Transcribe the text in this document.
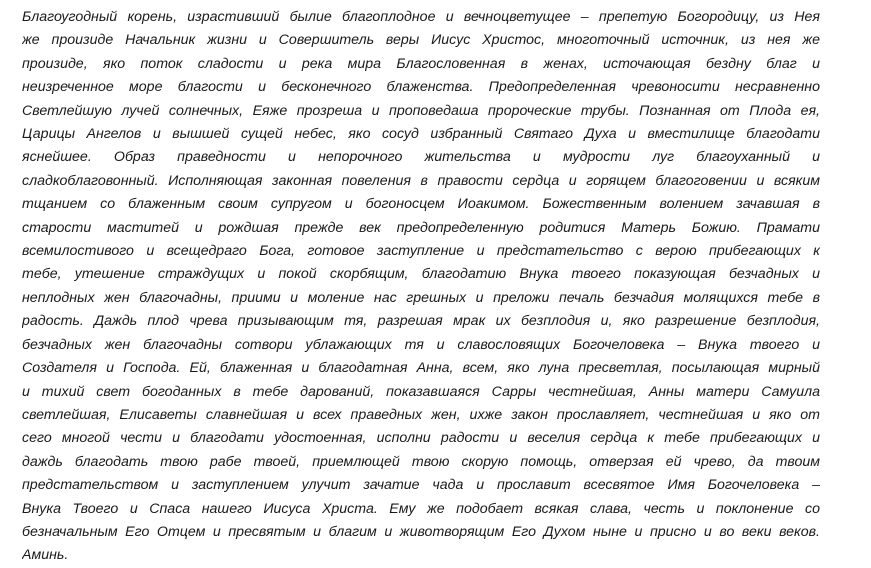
Благоугодный корень, израстивший былие благоплодное и вечноцветущее – препетую Богородицу, из Нея
же произиде Начальник жизни и Совершитель веры Иисус Христос, многоточный источник, из нея же
произиде, яко поток сладости и река мира Благословенная в женах, источающая бездну благ и
неизреченное море благости и бесконечного блаженства. Предопределенная чревоносити несравненно
Светлейшую лучей солнечных, Еяже прозреша и проповедаша пророческие трубы. Познанная от Плода ея,
Царицы Ангелов и вышшей сущей небес, яко сосуд избранный Святаго Духа и вместилище благодати
яснейшее. Образ праведности и непорочного жительства и мудрости луг благоуханный и
сладкоблаговонный. Исполняющая законная повеления в правости сердца и горящем благоговении и всяким
тщанием со блаженным своим супругом и богоносцем Иоакимом. Божественным волением зачавшая в
старости маститей и рождшая прежде век предопределенную родитися Матерь Божию. Прамати
всемилостивого и всещедраго Бога, готовое заступление и предстательство с верою прибегающих к
тебе, утешение страждущих и покой скорбящим, благодатию Внука твоего показующая безчадных и
неплодных жен благочадны, приими и моление нас грешных и преложи печаль безчадия молящихся тебе в
радость. Даждь плод чрева призывающим тя, разрешая мрак их безплодия и, яко разрешение безплодия,
безчадных жен благочадны сотвори ублажающих тя и славословящих Богочеловека – Внука твоего и
Создателя и Господа. Ей, блаженная и благодатная Анна, всем, яко луна пресветлая, посылающая мирный
и тихий свет богоданных в тебе дарований, показавшаяся Сарры честнейшая, Анны матери Самуила
светлейшая, Елисаветы славнейшая и всех праведных жен, ихже закон прославляет, честнейшая и яко от
сего многой чести и благодати удостоенная, исполни радости и веселия сердца к тебе прибегающих и
даждь благодать твою рабе твоей, приемлющей твою скорую помощь, отверзая ей чрево, да твоим
предстательством и заступлением улучит зачатие чада и прославит всесвятое Имя Богочеловека –
Внука Твоего и Спаса нашего Иисуса Христа. Ему же подобает всякая слава, честь и поклонение со
безначальным Его Отцем и пресвятым и благим и животворящим Его Духом ныне и присно и во веки веков.
Аминь.
